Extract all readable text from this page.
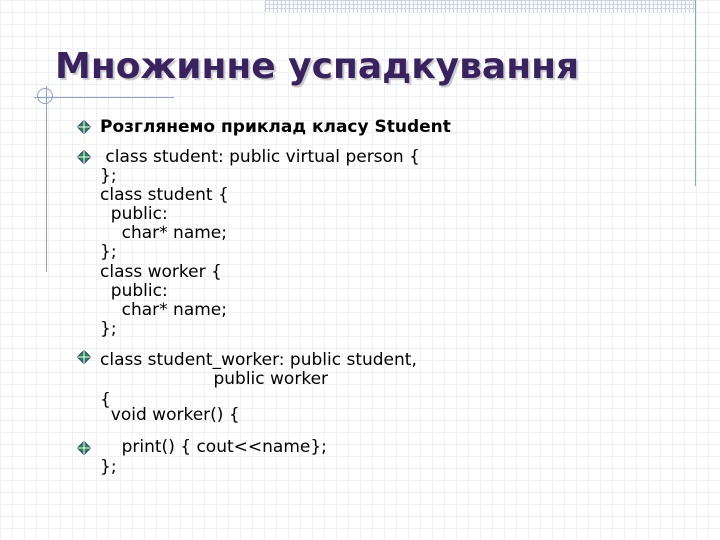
Множинне успадкування
Розглянемо приклад класу Student
class student: public virtual person {
};
class student {
public:
char* name;
};
class worker {
public:
char* name;
};
class student_worker: public student,
public worker
{
void worker() {
print() { cout<<name};
};
